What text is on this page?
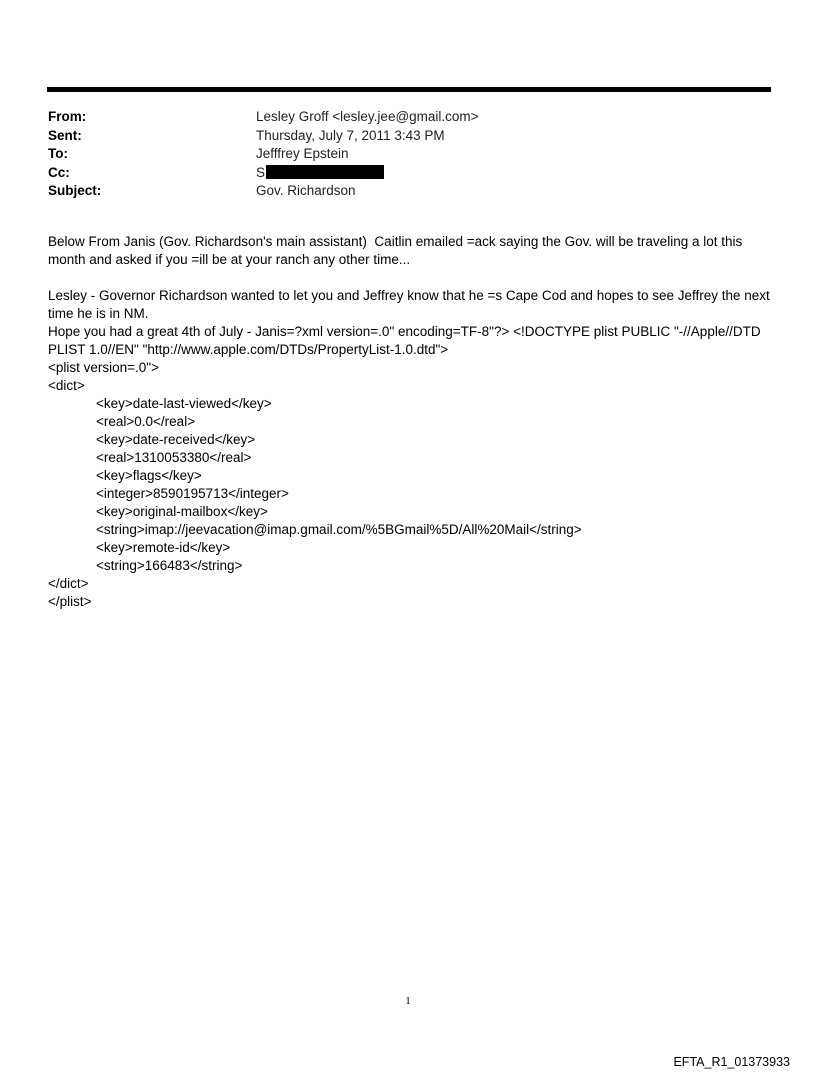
From:	Lesley Groff <lesley.jee@gmail.com>
Sent:	Thursday, July 7, 2011 3:43 PM
To:	Jefffrey Epstein
Cc:	S
Subject:	Gov. Richardson

Below From Janis (Gov. Richardson's main assistant)  Caitlin emailed =ack saying the Gov. will be traveling a lot this month and asked if you =ill be at your ranch any other time...

Lesley - Governor Richardson wanted to let you and Jeffrey know that he =s Cape Cod and hopes to see Jeffrey the next
time he is in NM.
Hope you had a great 4th of July - Janis=?xml version=.0" encoding=TF-8"?> <!DOCTYPE plist PUBLIC "-//Apple//DTD
PLIST 1.0//EN" "http://www.apple.com/DTDs/PropertyList-1.0.dtd">
<plist version=.0">
<dict>
<key>date-last-viewed</key>
<real>0.0</real>
<key>date-received</key>
<real>1310053380</real>
<key>flags</key>
<integer>8590195713</integer>
<key>original-mailbox</key>
<string>imap://jeevacation@imap.gmail.com/%5BGmail%5D/All%20Mail</string>
<key>remote-id</key>
<string>166483</string>
</dict>
</plist>
1
EFTA_R1_01373933
